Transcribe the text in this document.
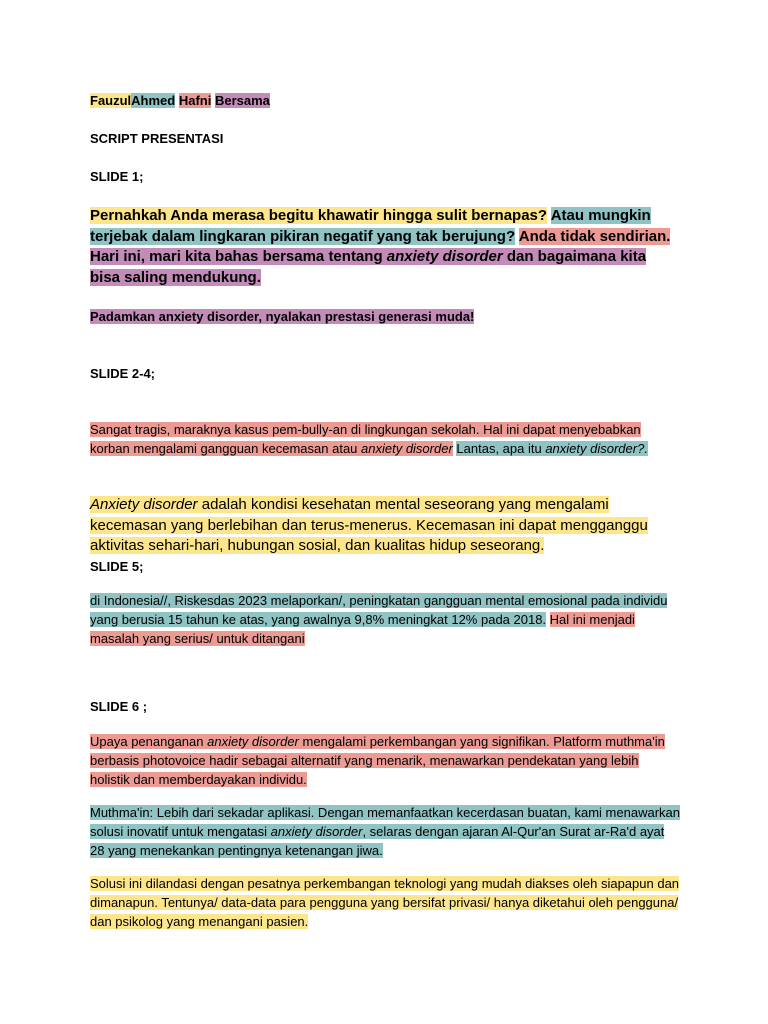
FauzulAhmed Hafni Bersama

SCRIPT PRESENTASI

SLIDE 1;

Pernahkah Anda merasa begitu khawatir hingga sulit bernapas? Atau mungkin terjebak dalam lingkaran pikiran negatif yang tak berujung? Anda tidak sendirian. Hari ini, mari kita bahas bersama tentang anxiety disorder dan bagaimana kita bisa saling mendukung.

Padamkan anxiety disorder, nyalakan prestasi generasi muda!

SLIDE 2-4;

Sangat tragis, maraknya kasus pem-bully-an di lingkungan sekolah. Hal ini dapat menyebabkan korban mengalami gangguan kecemasan atau anxiety disorder Lantas, apa itu anxiety disorder?.

Anxiety disorder adalah kondisi kesehatan mental seseorang yang mengalami kecemasan yang berlebihan dan terus-menerus. Kecemasan ini dapat mengganggu aktivitas sehari-hari, hubungan sosial, dan kualitas hidup seseorang.

SLIDE 5;

di Indonesia//, Riskesdas 2023 melaporkan/, peningkatan gangguan mental emosional pada individu yang berusia 15 tahun ke atas, yang awalnya 9,8% meningkat 12% pada 2018. Hal ini menjadi masalah yang serius/ untuk ditangani

SLIDE 6 ;

Upaya penanganan anxiety disorder mengalami perkembangan yang signifikan. Platform muthma'in berbasis photovoice hadir sebagai alternatif yang menarik, menawarkan pendekatan yang lebih holistik dan memberdayakan individu.

Muthma'in: Lebih dari sekadar aplikasi. Dengan memanfaatkan kecerdasan buatan, kami menawarkan solusi inovatif untuk mengatasi anxiety disorder, selaras dengan ajaran Al-Qur'an Surat ar-Ra'd ayat 28 yang menekankan pentingnya ketenangan jiwa.

Solusi ini dilandasi dengan pesatnya perkembangan teknologi yang mudah diakses oleh siapapun dan dimanapun. Tentunya/ data-data para pengguna yang bersifat privasi/ hanya diketahui oleh pengguna/ dan psikolog yang menangani pasien.
